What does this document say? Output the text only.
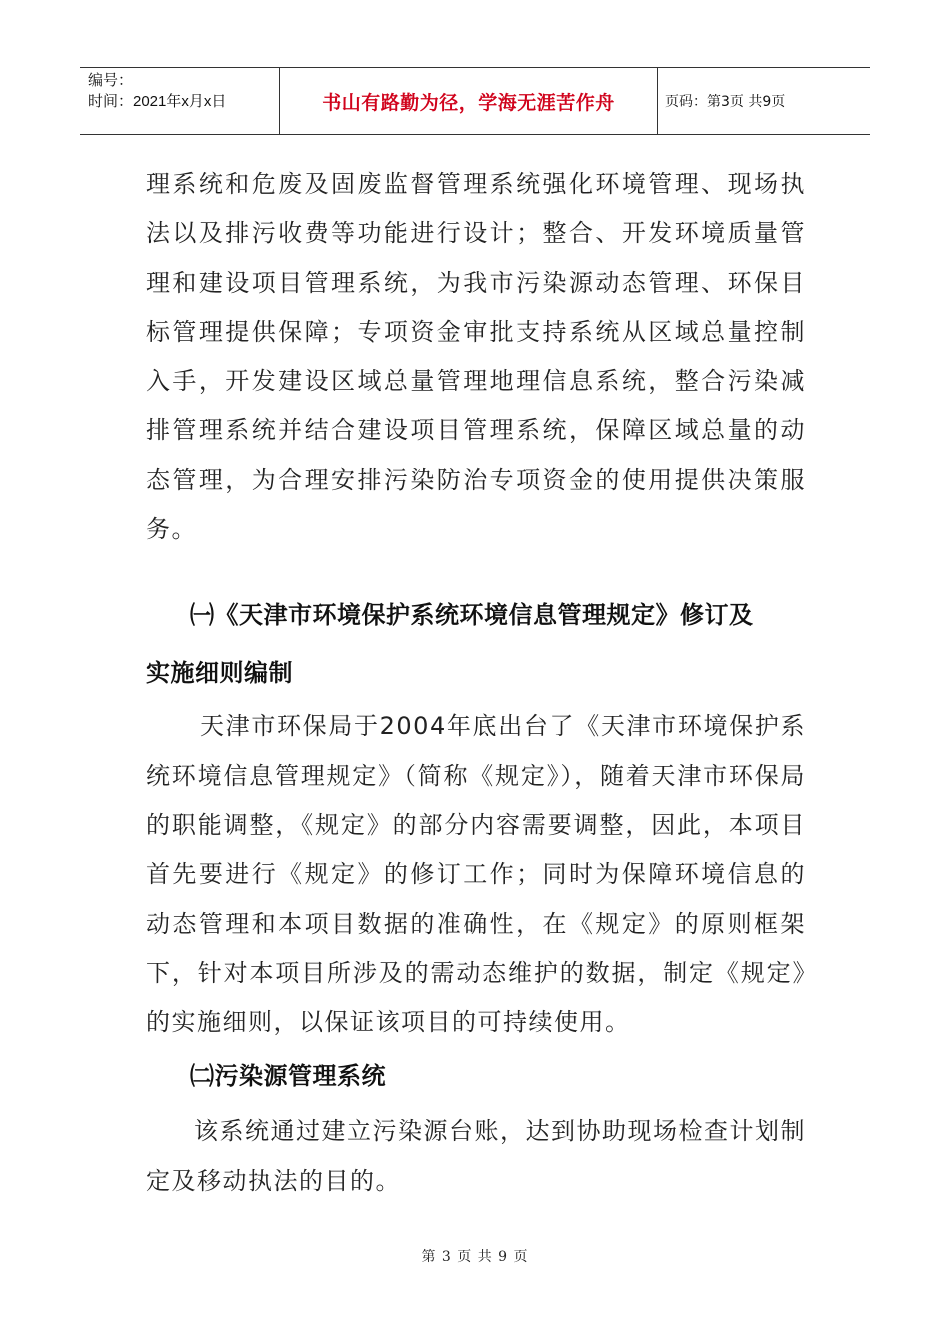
编号：
时间：2021年x月x日	书山有路勤为径，学海无涯苦作舟	页码：第3页 共9页

理系统和危废及固废监督管理系统强化环境管理、现场执法以及排污收费等功能进行设计；整合、开发环境质量管理和建设项目管理系统，为我市污染源动态管理、环保目标管理提供保障；专项资金审批支持系统从区域总量控制入手，开发建设区域总量管理地理信息系统，整合污染减排管理系统并结合建设项目管理系统，保障区域总量的动态管理，为合理安排污染防治专项资金的使用提供决策服务。

㈠《天津市环境保护系统环境信息管理规定》修订及
实施细则编制

天津市环保局于2004年底出台了《天津市环境保护系统环境信息管理规定》（简称《规定》），随着天津市环保局的职能调整，《规定》的部分内容需要调整，因此，本项目首先要进行《规定》的修订工作；同时为保障环境信息的动态管理和本项目数据的准确性，在《规定》的原则框架下，针对本项目所涉及的需动态维护的数据，制定《规定》的实施细则，以保证该项目的可持续使用。

㈡污染源管理系统

该系统通过建立污染源台账，达到协助现场检查计划制定及移动执法的目的。

第 3 页 共 9 页
